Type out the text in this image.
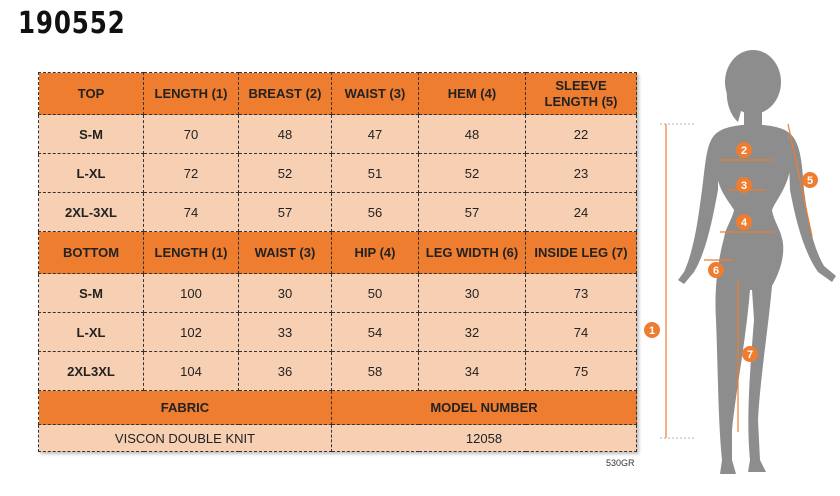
190552
TOP	LENGTH (1)	BREAST (2)	WAIST (3)	HEM (4)	SLEEVE LENGTH (5)
S-M	70	48	47	48	22
L-XL	72	52	51	52	23
2XL-3XL	74	57	56	57	24
BOTTOM	LENGTH (1)	WAIST (3)	HIP (4)	LEG WIDTH (6)	INSIDE LEG (7)
S-M	100	30	50	30	73
L-XL	102	33	54	32	74
2XL3XL	104	36	58	34	75
FABRIC			MODEL NUMBER		
VISCON DOUBLE KNIT			12058		
530GR
1
2
3
4
5
6
7
